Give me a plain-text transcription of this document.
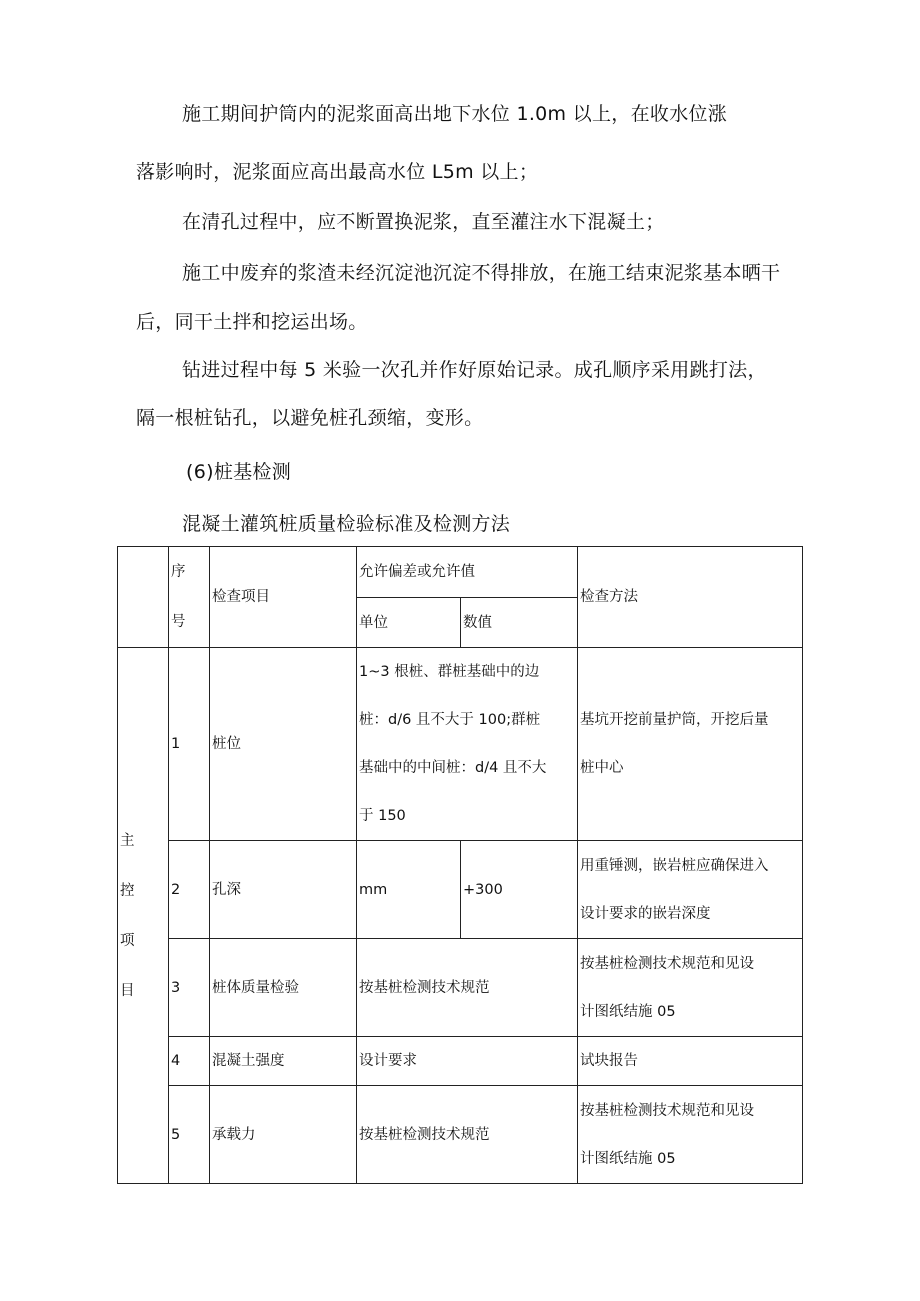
施工期间护筒内的泥浆面高出地下水位 1.0m 以上，在收水位涨
落影响时，泥浆面应高出最高水位 L5m 以上；
在清孔过程中，应不断置换泥浆，直至灌注水下混凝土；
施工中废弃的浆渣未经沉淀池沉淀不得排放，在施工结束泥浆基本晒干
后，同干土拌和挖运出场。
钻进过程中每 5 米验一次孔并作好原始记录。成孔顺序采用跳打法，
隔一根桩钻孔，以避免桩孔颈缩，变形。
(6)桩基检测
混凝土灌筑桩质量检验标准及检测方法

	序
号	检查项目	允许偏差或允许值		检查方法
			单位	数值	

主
控
项
目	1	桩位	1~3 根桩、群桩基础中的边
桩：d/6 且不大于 100;群桩
基础中的中间桩：d/4 且不大
于 150		基坑开挖前量护筒，开挖后量
桩中心

	2	孔深	mm	+300	用重锤测，嵌岩桩应确保进入
设计要求的嵌岩深度

	3	桩体质量检验	按基桩检测技术规范		按基桩检测技术规范和见设
计图纸结施 05

	4	混凝土强度	设计要求		试块报告
	5	承载力	按基桩检测技术规范		按基桩检测技术规范和见设
计图纸结施 05
